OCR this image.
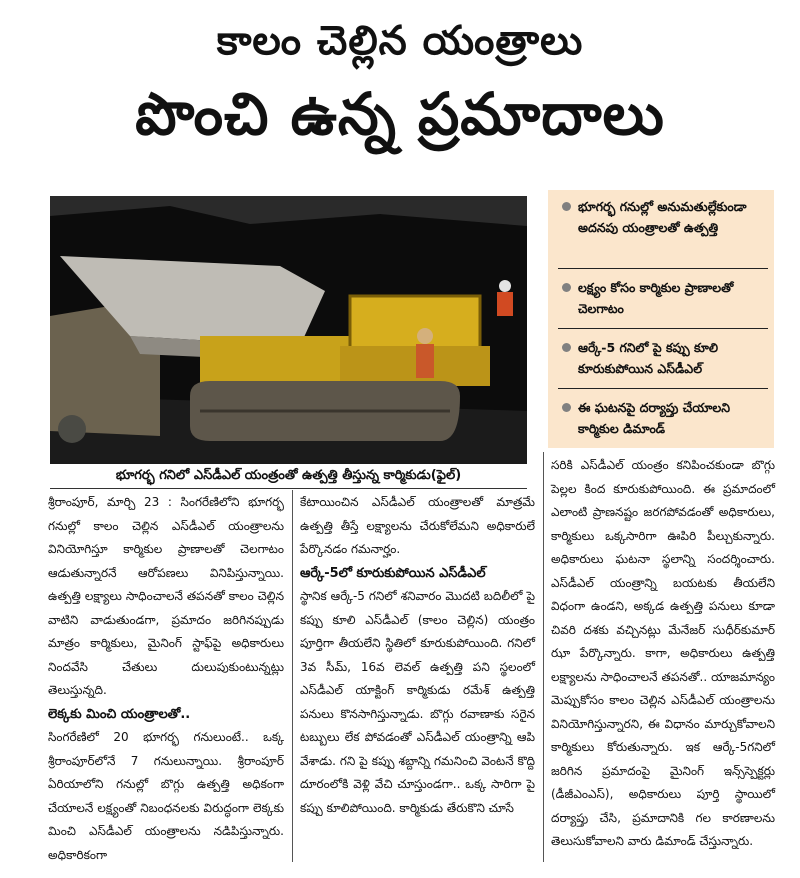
కాలం చెల్లిన యంత్రాలు
పొంచి ఉన్న ప్రమాదాలు
భూగర్భ గనిలో ఎస్‌డీఎల్ యంత్రంతో ఉత్పత్తి తీస్తున్న కార్మికుడు(ఫైల్)
భూగర్భ గనుల్లో అనుమతుల్లేకుండా అదనపు యంత్రాలతో ఉత్పత్తి
లక్ష్యం కోసం కార్మికుల ప్రాణాలతో చెలగాటం
ఆర్కే-5 గనిలో పై కప్పు కూలి కూరుకుపోయిన ఎస్‌డీఎల్
ఈ ఘటనపై దర్యాప్తు చేయాలని కార్మికుల డిమాండ్

శ్రీరాంపూర్, మార్చి 23 : సింగరేణిలోని భూగర్భ గనుల్లో కాలం చెల్లిన ఎస్‌డీఎల్ యంత్రాలను వినియోగిస్తూ కార్మికుల ప్రాణాలతో చెలగాటం ఆడుతున్నారనే ఆరోపణలు వినిపిస్తున్నాయి. ఉత్పత్తి లక్ష్యాలు సాధించాలనే తపనతో కాలం చెల్లిన వాటిని వాడుతుండగా, ప్రమాదం జరిగినప్పుడు మాత్రం కార్మికులు, మైనింగ్ స్టాఫ్‌పై అధికారులు నిందవేసి చేతులు దులుపుకుంటున్నట్లు తెలుస్తున్నది.

లెక్కకు మించి యంత్రాలతో..

సింగరేణిలో 20 భూగర్భ గనులుంటే.. ఒక్క శ్రీరాంపూర్‌లోనే 7 గనులున్నాయి. శ్రీరాంపూర్ ఏరియాలోని గనుల్లో బొగ్గు ఉత్పత్తి అధికంగా చేయాలనే లక్ష్యంతో నిబంధనలకు విరుద్ధంగా లెక్కకు మించి ఎస్‌డీఎల్ యంత్రాలను నడిపిస్తున్నారు. అధికారికంగా

కేటాయించిన ఎస్‌డీఎల్ యంత్రాలతో మాత్రమే ఉత్పత్తి తీస్తే లక్ష్యాలను చేరుకోలేమని అధికారులే పేర్కొనడం గమనార్హం.

ఆర్కే-5లో కూరుకుపోయిన ఎస్‌డీఎల్

స్థానిక ఆర్కే-5 గనిలో శనివారం మొదటి బదిలీలో పై కప్పు కూలి ఎస్‌డీఎల్ (కాలం చెల్లిన) యంత్రం పూర్తిగా తీయలేని స్థితిలో కూరుకుపోయింది. గనిలో 3వ సీమ్, 16వ లెవల్ ఉత్పత్తి పని స్థలంలో ఎస్‌డీఎల్ యాక్టింగ్ కార్మికుడు రమేశ్ ఉత్పత్తి పనులు కొనసాగిస్తున్నాడు. బొగ్గు రవాణాకు సరైన టబ్బులు లేక పోవడంతో ఎస్‌డీఎల్ యంత్రాన్ని ఆపి వేశాడు. గని పై కప్పు శబ్దాన్ని గమనించి వెంటనే కొద్ది దూరంలోకి వెళ్లి వేచి చూస్తుండగా.. ఒక్క సారిగా పై కప్పు కూలిపోయింది. కార్మికుడు తేరుకొని చూసే

సరికి ఎస్‌డీఎల్ యంత్రం కనిపించకుండా బొగ్గు పెల్లల కింద కూరుకుపోయింది. ఈ ప్రమాదంలో ఎలాంటి ప్రాణనష్టం జరగపోవడంతో అధికారులు, కార్మికులు ఒక్కసారిగా ఊపిరి పీల్చుకున్నారు. అధికారులు ఘటనా స్థలాన్ని సందర్శించారు. ఎస్‌డీఎల్ యంత్రాన్ని బయటకు తీయలేని విధంగా ఉండని, అక్కడ ఉత్పత్తి పనులు కూడా చివరి దశకు వచ్చినట్లు మేనేజర్ సుధీర్‌కుమార్ ఝా పేర్కొన్నారు. కాగా, అధికారులు ఉత్పత్తి లక్ష్యాలను సాధించాలనే తపనతో.. యాజమాన్యం మెప్పుకోసం కాలం చెల్లిన ఎస్‌డీఎల్ యంత్రాలను వినియోగిస్తున్నారని, ఈ విధానం మార్చుకోవాలని కార్మికులు కోరుతున్నారు. ఇక ఆర్కే-5గనిలో జరిగిన ప్రమాదంపై మైనింగ్ ఇన్స్‌స్పెక్టర్లు (డీజీఎంఎస్), అధికారులు పూర్తి స్థాయిలో దర్యాప్తు చేసి, ప్రమాదానికి గల కారణాలను తెలుసుకోవాలని వారు డిమాండ్ చేస్తున్నారు.
